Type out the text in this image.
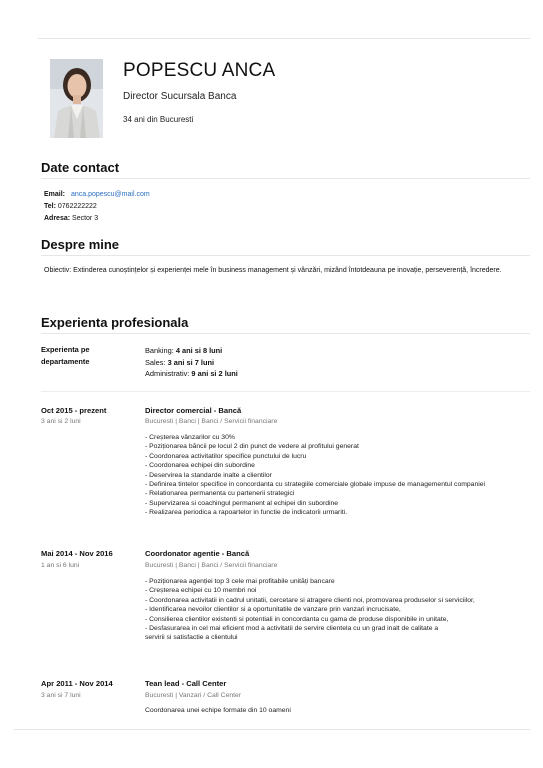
POPESCU ANCA
Director Sucursala Banca
34 ani din Bucuresti
Date contact
Email: anca.popescu@mail.com
Tel: 0762222222
Adresa: Sector 3
Despre mine
Obiectiv: Extinderea cunoștințelor și experienței mele în business management și vânzări, mizând întotdeauna pe inovație, perseverență, încredere.
Experienta profesionala
Experienta pe departamente
Banking: 4 ani si 8 luni
Sales: 3 ani si 7 luni
Administrativ: 9 ani si 2 luni
Oct 2015 - prezent
3 ani si 2 luni
Director comercial - Bancă
Bucuresti | Banci | Banci / Servicii financiare
- Creșterea vânzarilor cu 30%
- Poziționarea băncii pe locul 2 din punct de vedere al profitului generat
- Coordonarea activitatilor specifice punctului de lucru
- Coordonarea echipei din subordine
- Deservirea la standarde inalte a clientilor
- Definirea tintelor specifice in concordanta cu strategiile comerciale globale impuse de managementul companiei
- Relationarea permanenta cu partenerii strategici
- Supervizarea si coachingul permanent al echipei din subordine
- Realizarea periodica a rapoartelor in functie de indicatorii urmariti.
Mai 2014 - Nov 2016
1 an si 6 luni
Coordonator agentie - Bancă
Bucuresti | Banci | Banci / Servicii financiare
- Poziționarea agenției top 3 cele mai profitabile unități bancare
- Creșterea echipei cu 10 membri noi
- Coordonarea activitatii in cadrul unitatii, cercetare si atragere clienti noi, promovarea produselor si serviciilor,
- Identificarea nevoilor clientilor si a oportunitatile de vanzare prin vanzari incrucisate,
- Consilierea clientilor existenti si potentiali in concordanta cu gama de produse disponibile in unitate,
- Desfasurarea in cel mai eficient mod a activitatii de servire clientela cu un grad inalt de calitate a
servirii si satisfactie a clientului
Apr 2011 - Nov 2014
3 ani si 7 luni
Tean lead - Call Center
Bucuresti | Vanzari / Call Center
Coordonarea unei echipe formate din 10 oameni
